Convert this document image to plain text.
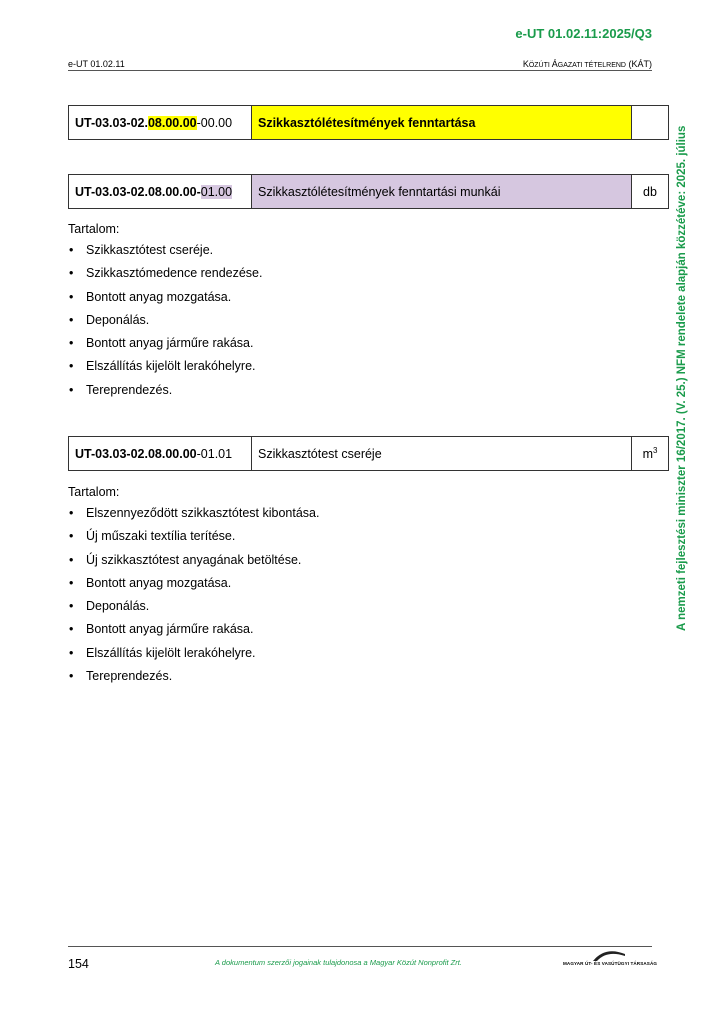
e-UT 01.02.11:2025/Q3
e-UT 01.02.11	KÖZÚTI ÁGAZATI TÉTELREND (KÁT)
A nemzeti fejlesztési miniszter 16/2017. (V. 25.) NFM rendelete alapján közzétéve: 2025. július
UT-03.03-02.08.00.00-00.00	Szikkasztólétesítmények fenntartása	
UT-03.03-02.08.00.00-01.00	Szikkasztólétesítmények fenntartási munkái	db
Tartalom:
• Szikkasztótest cseréje.
• Szikkasztómedence rendezése.
• Bontott anyag mozgatása.
• Deponálás.
• Bontott anyag járműre rakása.
• Elszállítás kijelölt lerakóhelyre.
• Tereprendezés.
UT-03.03-02.08.00.00-01.01	Szikkasztótest cseréje	$m^3$
Tartalom:
• Elszennyeződött szikkasztótest kibontása.
• Új műszaki textília terítése.
• Új szikkasztótest anyagának betöltése.
• Bontott anyag mozgatása.
• Deponálás.
• Bontott anyag járműre rakása.
• Elszállítás kijelölt lerakóhelyre.
• Tereprendezés.
154	A dokumentum szerzői jogainak tulajdonosa a Magyar Közút Nonprofit Zrt.	MAGYAR ÚT- ÉS VASÚTÜGYI TÁRSASÁG
